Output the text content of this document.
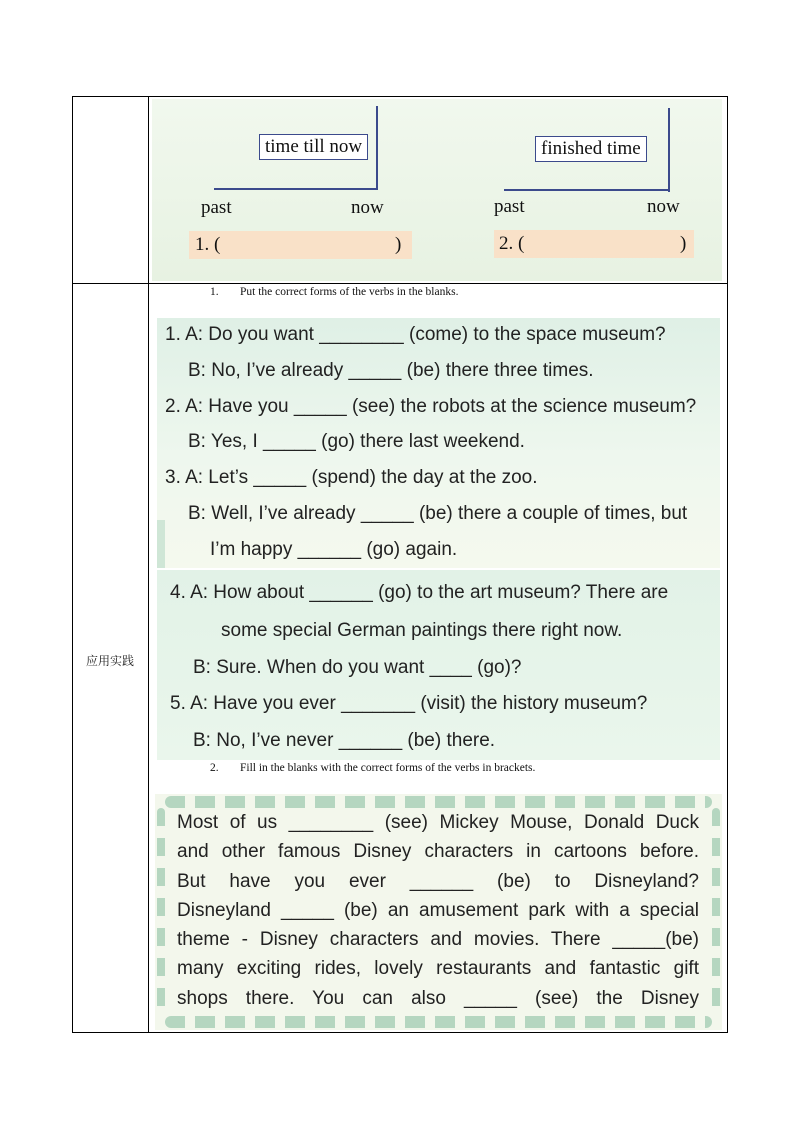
应用实践
time till now
past	now
1. (	)
finished time
past	now
2. (	)
1. Put the correct forms of the verbs in the blanks.
1. A: Do you want ________ (come) to the space museum?
B: No, I’ve already _____ (be) there three times.
2. A: Have you _____ (see) the robots at the science museum?
B: Yes, I _____ (go) there last weekend.
3. A: Let’s _____ (spend) the day at the zoo.
B: Well, I’ve already _____ (be) there a couple of times, but
I’m happy ______ (go) again.
4. A: How about ______ (go) to the art museum? There are
some special German paintings there right now.
B: Sure. When do you want ____ (go)?
5. A: Have you ever _______ (visit) the history museum?
B: No, I’ve never ______ (be) there.
2. Fill in the blanks with the correct forms of the verbs in brackets.
Most of us ________ (see) Mickey Mouse, Donald Duck
and other famous Disney characters in cartoons before.
But have you ever ______ (be) to Disneyland?
Disneyland _____ (be) an amusement park with a special
theme - Disney characters and movies. There _____(be)
many exciting rides, lovely restaurants and fantastic gift
shops there. You can also _____ (see) the Disney
